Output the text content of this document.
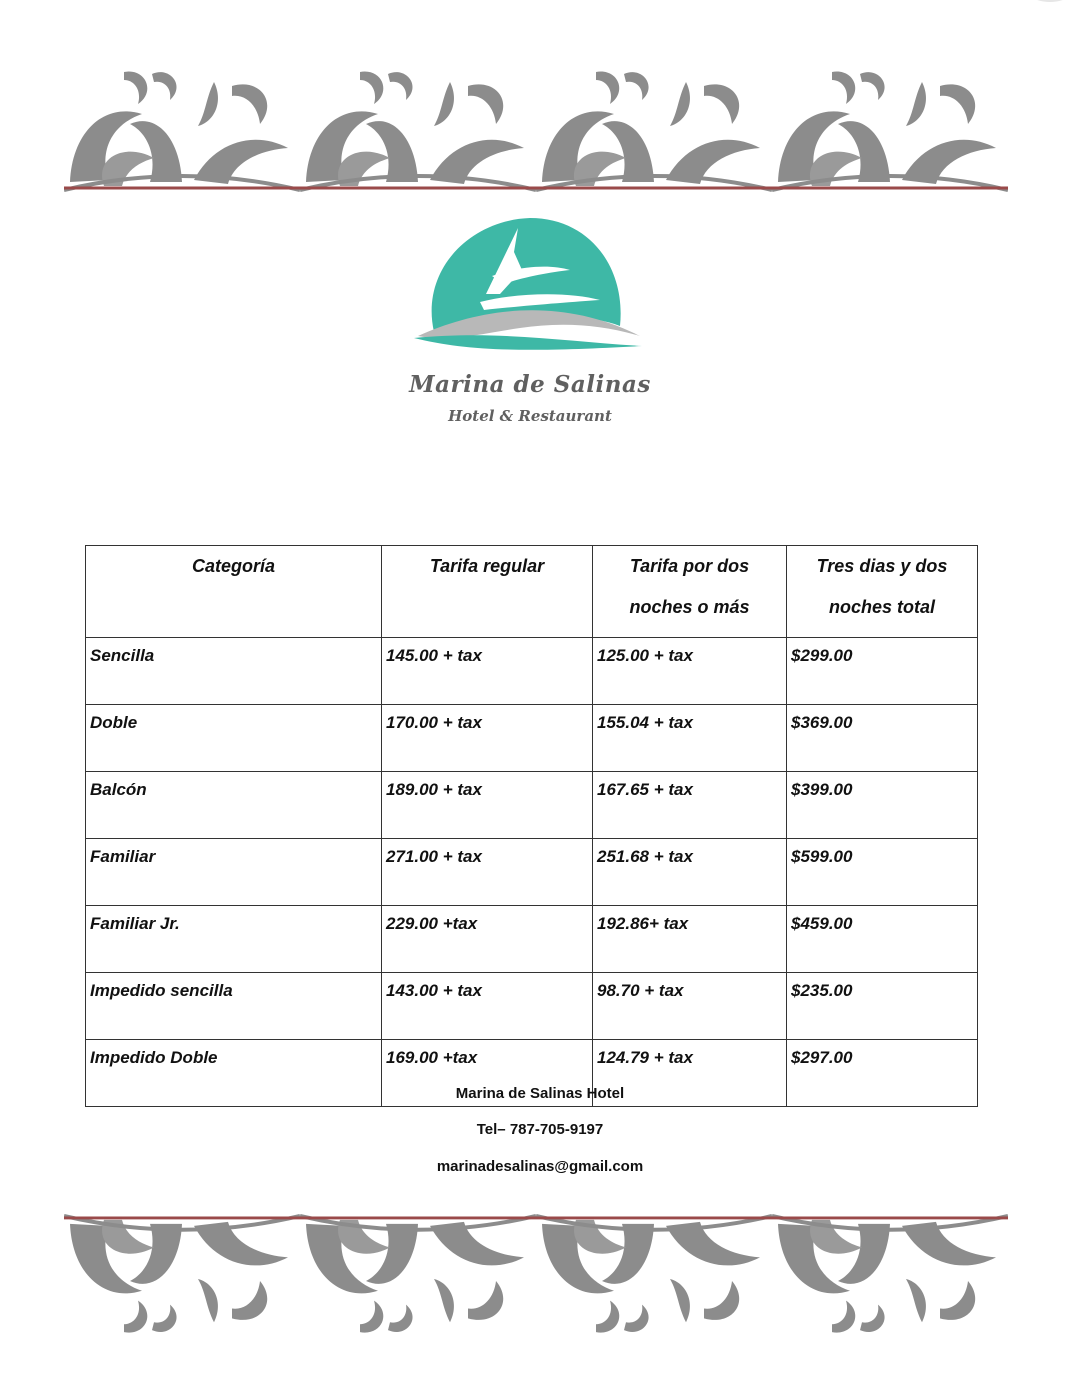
Marina de Salinas
Hotel & Restaurant
Categoría	Tarifa regular	Tarifa por dos noches o más	Tres dias y dos noches total

Sencilla	145.00 + tax	125.00 + tax	$299.00
Doble	170.00 + tax	155.04 + tax	$369.00
Balcón	189.00 + tax	167.65 + tax	$399.00
Familiar	271.00 + tax	251.68 + tax	$599.00
Familiar Jr.	229.00 +tax	192.86+ tax	$459.00
Impedido sencilla	143.00 + tax	98.70 + tax	$235.00
Impedido Doble	169.00 +tax	124.79 + tax	$297.00
Marina de Salinas Hotel
Tel– 787-705-9197
marinadesalinas@gmail.com
